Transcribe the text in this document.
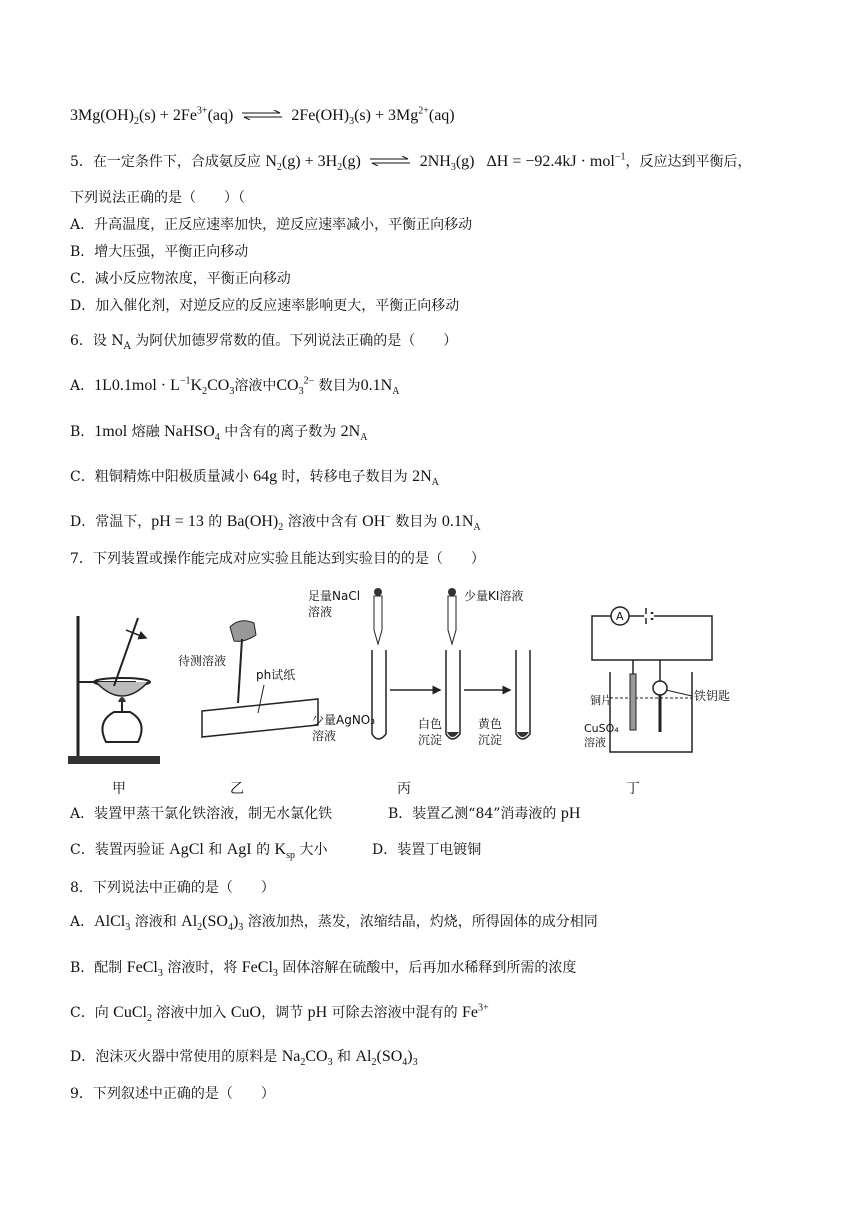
$3Mg(OH)_2(s) + 2Fe^{3+}(aq)$ ⇌ $2Fe(OH)_3(s) + 3Mg^{2+}(aq)$
5．在一定条件下，合成氨反应 $N_2(g) + 3H_2(g)$ ⇌ $2NH_3(g) \Delta H = -92.4kJ \cdot mol^{-1}$，反应达到平衡后，
下列说法正确的是（　　）（
A．升高温度，正反应速率加快，逆反应速率减小，平衡正向移动
B．增大压强，平衡正向移动
C．减小反应物浓度，平衡正向移动
D．加入催化剂，对逆反应的反应速率影响更大，平衡正向移动
6．设 $N_A$ 为阿伏加德罗常数的值。下列说法正确的是（　　）
A．$1L0.1mol \cdot L^{-1}K_2CO_3$溶液中$CO_3^{2-}$ 数目为$0.1N_A$
B．1mol 熔融 NaHSO$_4$ 中含有的离子数为 $2N_A$
C．粗铜精炼中阳极质量减小 64g 时，转移电子数目为 $2N_A$
D．常温下，pH = 13 的 $Ba(OH)_2$ 溶液中含有 OH− 数目为 $0.1N_A$
7．下列装置或操作能完成对应实验且能达到实验目的的是（　　）
待测溶液
ph试纸
足量NaCl
溶液
少量KI溶液
少量AgNO₃
溶液
白色
沉淀
黄色
沉淀
A
铜片	铁钥匙
CuSO₄
溶液
甲	乙	丙	丁
A．装置甲蒸干氯化铁溶液，制无水氯化铁	B．装置乙测“84”消毒液的 pH
C．装置丙验证 AgCl 和 AgI 的 $K_{sp}$ 大小	D．装置丁电镀铜
8．下列说法中正确的是（　　）
A．AlCl$_3$ 溶液和 $Al_2(SO_4)_3$ 溶液加热，蒸发，浓缩结晶，灼烧，所得固体的成分相同
B．配制 FeCl$_3$ 溶液时，将 FeCl$_3$ 固体溶解在硫酸中，后再加水稀释到所需的浓度
C．向 CuCl$_2$ 溶液中加入 CuO，调节 pH 可除去溶液中混有的 $Fe^{3+}$
D．泡沫灭火器中常使用的原料是 $Na_2CO_3$ 和 $Al_2(SO_4)_3$
9．下列叙述中正确的是（　　）
